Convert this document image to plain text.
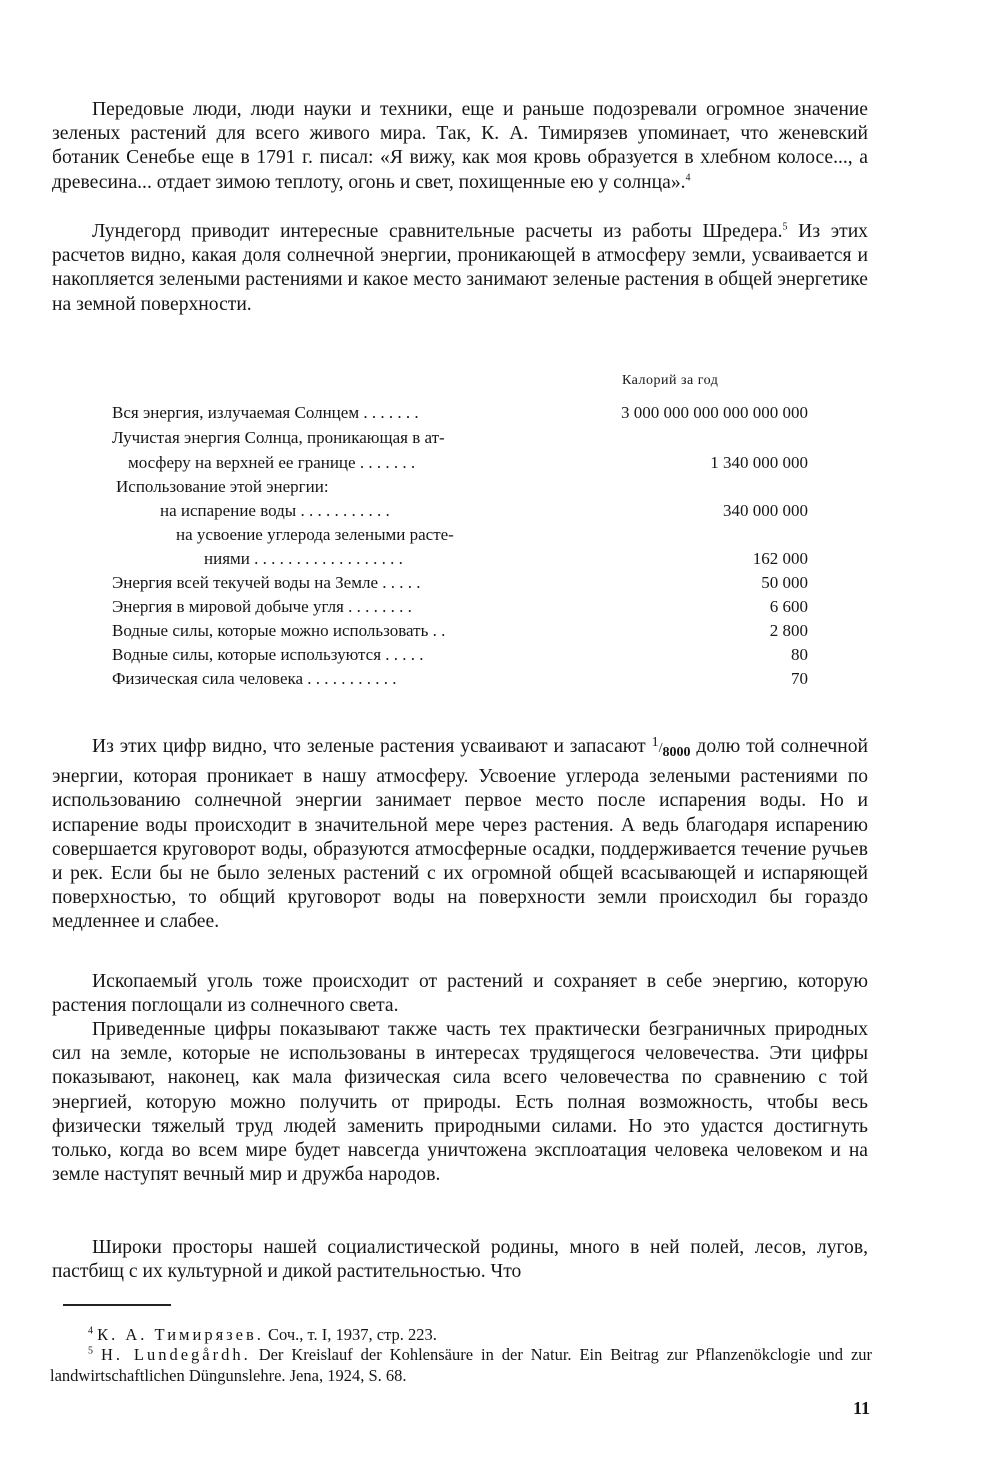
Передовые люди, люди науки и техники, еще и раньше подозревали огромное значение зеленых растений для всего живого мира. Так, К. А. Тимирязев упоминает, что женевский ботаник Сенебье еще в 1791 г. писал: «Я вижу, как моя кровь образуется в хлебном колосе..., а древесина... отдает зимою теплоту, огонь и свет, похищенные ею у солнца».$^4$

Лундегорд приводит интересные сравнительные расчеты из работы Шредера.$^5$ Из этих расчетов видно, какая доля солнечной энергии, проникающей в атмосферу земли, усваивается и накопляется зелеными растениями и какое место занимают зеленые растения в общей энергетике на земной поверхности.

Калорий за год
Вся энергия, излучаемая Солнцем . . . . . . .	3 000 000 000 000 000 000
Лучистая энергия Солнца, проникающая в ат-
мосферу на верхней ее границе . . . . . . .	1 340 000 000
Использование этой энергии:
на испарение воды . . . . . . . . . . .	340 000 000
на усвоение углерода зелеными расте-
ниями . . . . . . . . . . . . . . . . . .	162 000
Энергия всей текучей воды на Земле . . . . .	50 000
Энергия в мировой добыче угля . . . . . . . .	6 600
Водные силы, которые можно использовать . .	2 800
Водные силы, которые используются . . . . .	80
Физическая сила человека . . . . . . . . . . .	70

Из этих цифр видно, что зеленые растения усваивают и запасают 1/8000 долю той солнечной энергии, которая проникает в нашу атмосферу. Усвоение углерода зелеными растениями по использованию солнечной энергии занимает первое место после испарения воды. Но и испарение воды происходит в значительной мере через растения. А ведь благодаря испарению совершается круговорот воды, образуются атмосферные осадки, поддерживается течение ручьев и рек. Если бы не было зеленых растений с их огромной общей всасывающей и испаряющей поверхностью, то общий круговорот воды на поверхности земли происходил бы гораздо медленнее и слабее.

Ископаемый уголь тоже происходит от растений и сохраняет в себе энергию, которую растения поглощали из солнечного света.

Приведенные цифры показывают также часть тех практически безграничных природных сил на земле, которые не использованы в интересах трудящегося человечества. Эти цифры показывают, наконец, как мала физическая сила всего человечества по сравнению с той энергией, которую можно получить от природы. Есть полная возможность, чтобы весь физически тяжелый труд людей заменить природными силами. Но это удастся достигнуть только, когда во всем мире будет навсегда уничтожена эксплоатация человека человеком и на земле наступят вечный мир и дружба народов.

Широки просторы нашей социалистической родины, много в ней полей, лесов, лугов, пастбищ с их культурной и дикой растительностью. Что

$^4$ К. А. Тимирязев. Соч., т. I, 1937, стр. 223.

$^5$ H. Lundegårdh. Der Kreislauf der Kohlensäure in der Natur. Ein Beitrag zur Pflanzenökclogie und zur landwirtschaftlichen Düngunslehre. Jena, 1924, S. 68.

11
